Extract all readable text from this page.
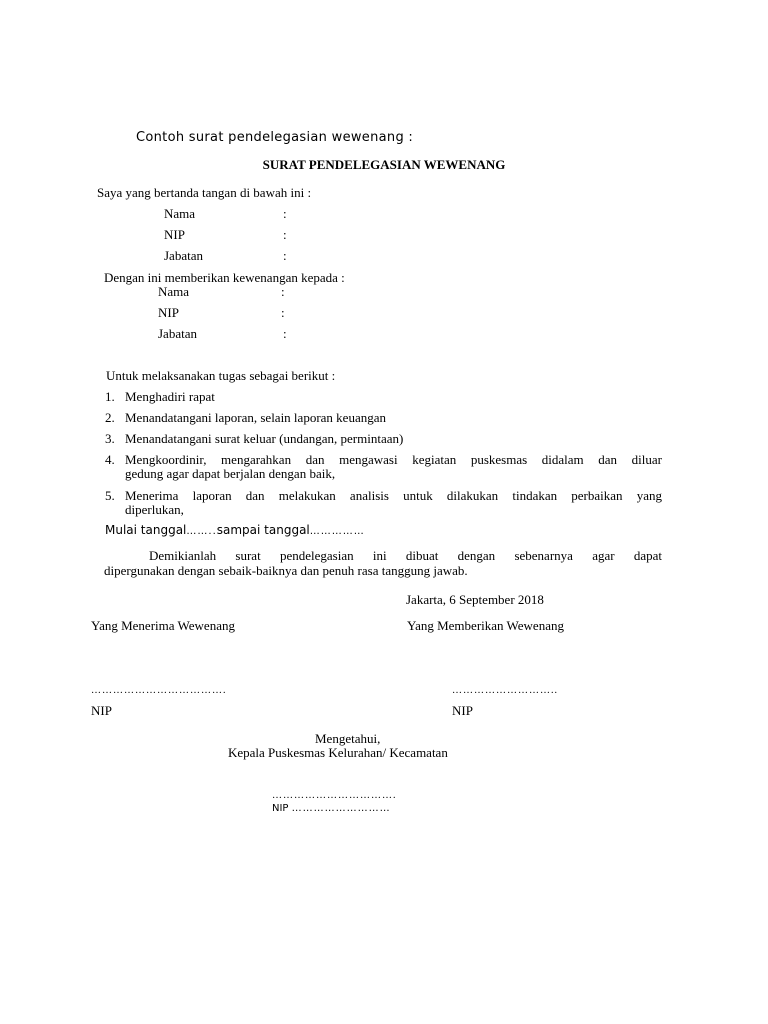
Contoh surat pendelegasian wewenang :
SURAT PENDELEGASIAN WEWENANG
Saya yang bertanda tangan di bawah ini :
Nama	:
NIP	:
Jabatan	:
Dengan ini memberikan kewenangan kepada :
Nama	:
NIP	:
Jabatan	:
Untuk melaksanakan tugas sebagai berikut :
1. Menghadiri rapat
2. Menandatangani laporan, selain laporan keuangan
3. Menandatangani surat keluar (undangan, permintaan)
4. Mengkoordinir, mengarahkan dan mengawasi kegiatan puskesmas didalam dan diluar
gedung agar dapat berjalan dengan baik,
5. Menerima laporan dan melakukan analisis untuk dilakukan tindakan perbaikan yang
diperlukan,
Mulai tanggal……..sampai tanggal……………
Demikianlah surat pendelegasian ini dibuat dengan sebenarnya agar dapat
dipergunakan dengan sebaik-baiknya dan penuh rasa tanggung jawab.
Jakarta, 6 September 2018
Yang Menerima Wewenang	Yang Memberikan Wewenang
……………………………….	………………………..
NIP	NIP
Mengetahui,
Kepala Puskesmas Kelurahan/ Kecamatan
…………………………….
NIP ………………………
